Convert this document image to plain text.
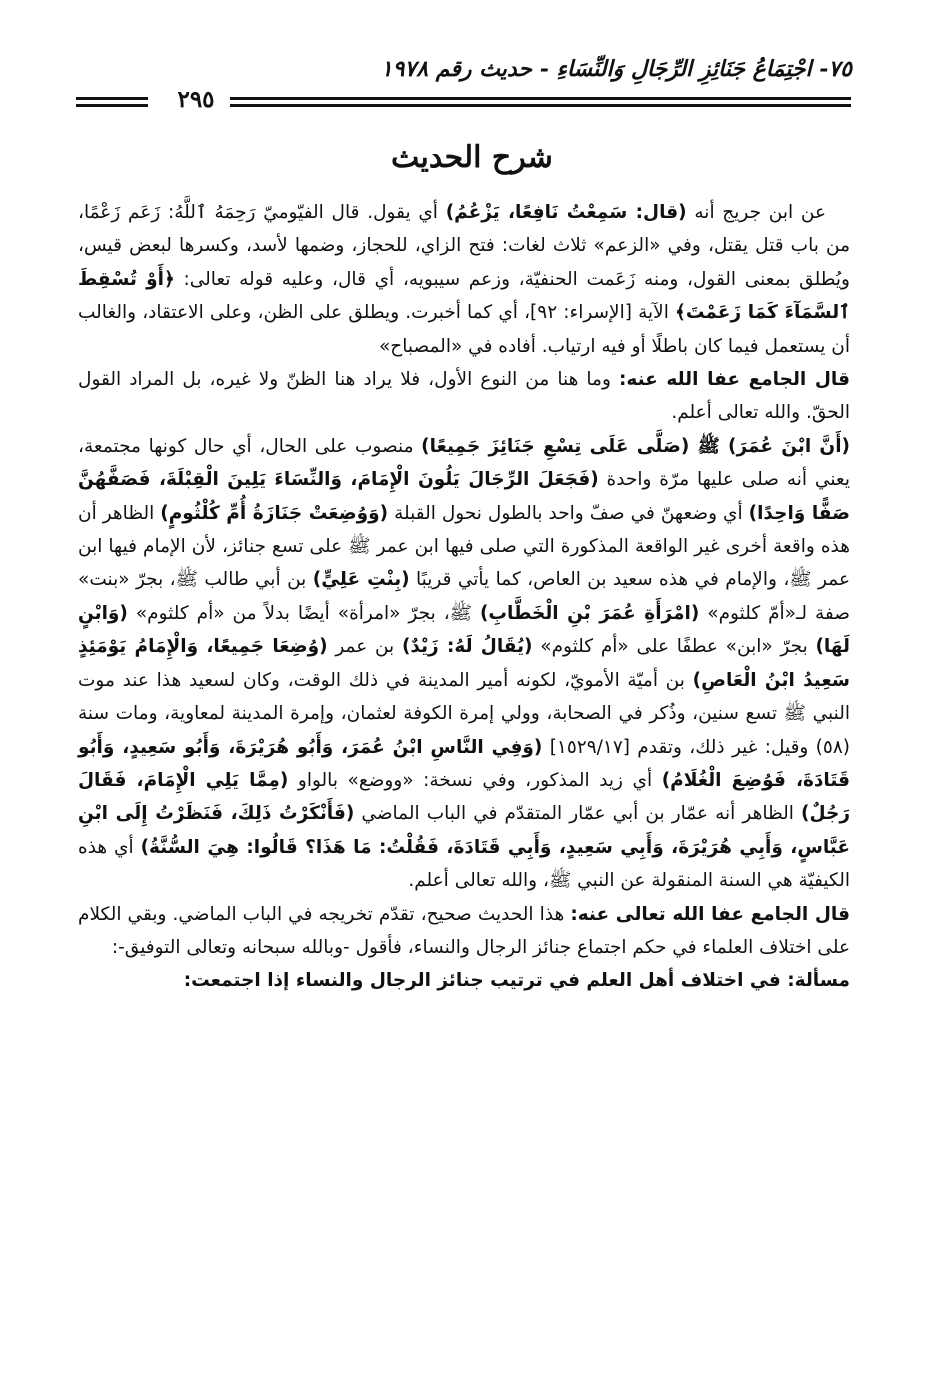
٧٥- اجْتِمَاعُ جَنَائِزِ الرِّجَالِ وَالنِّسَاءِ - حديث رقم ١٩٧٨
٢٩٥
شرح الحديث

عن ابن جريج أنه (قال: سَمِعْتُ نَافِعًا، يَزْعُمُ) أي يقول. قال الفيّوميّ رَحِمَهُ ٱللَّهُ: زَعَم زَعْمًا، من باب قتل يقتل، وفي «الزعم» ثلاث لغات: فتح الزاي، للحجاز، وضمها لأسد، وكسرها لبعض قيس، ويُطلق بمعنى القول، ومنه زَعَمت الحنفيّة، وزعم سيبويه، أي قال، وعليه قوله تعالى: ﴿أَوْ تُسْقِطَ ٱلسَّمَآءَ كَمَا زَعَمْتَ﴾ الآية [الإسراء: ٩٢]، أي كما أخبرت. ويطلق على الظن، وعلى الاعتقاد، والغالب أن يستعمل فيما كان باطلًا أو فيه ارتياب. أفاده في «المصباح»

قال الجامع عفا الله عنه: وما هنا من النوع الأول، فلا يراد هنا الظنّ ولا غيره، بل المراد القول الحقّ. والله تعالى أعلم.

(أَنَّ ابْنَ عُمَرَ) ﷺ (صَلَّى عَلَى تِسْعِ جَنَائِزَ جَمِيعًا) منصوب على الحال، أي حال كونها مجتمعة، يعني أنه صلى عليها مرّة واحدة (فَجَعَلَ الرِّجَالَ يَلُونَ الْإِمَامَ، وَالنِّسَاءَ يَلِينَ الْقِبْلَةَ، فَصَفَّهُنَّ صَفًّا وَاحِدًا) أي وضعهنّ في صفّ واحد بالطول نحول القبلة (وَوُضِعَتْ جَنَازَةُ أُمِّ كُلْثُومٍ) الظاهر أن هذه واقعة أخرى غير الواقعة المذكورة التي صلى فيها ابن عمر ﷺ على تسع جنائز، لأن الإمام فيها ابن عمر ﷺ، والإمام في هذه سعيد بن العاص، كما يأتي قريبًا (بِنْتِ عَلِيٍّ) بن أبي طالب ﷺ، بجرّ «بنت» صفة لـ«أمّ كلثوم» (امْرَأَةِ عُمَرَ بْنِ الْخَطَّابِ) ﷺ، بجرّ «امرأة» أيضًا بدلاً من «أم كلثوم» (وَابْنٍ لَهَا) بجرّ «ابن» عطفًا على «أم كلثوم» (يُقَالُ لَهُ: زَيْدٌ) بن عمر (وُضِعَا جَمِيعًا، وَالْإِمَامُ يَوْمَئِذٍ سَعِيدُ ابْنُ الْعَاصِ) بن أميّة الأمويّ، لكونه أمير المدينة في ذلك الوقت، وكان لسعيد هذا عند موت النبي ﷺ تسع سنين، وذُكر في الصحابة، وولي إمرة الكوفة لعثمان، وإمرة المدينة لمعاوية، ومات سنة (٥٨) وقيل: غير ذلك، وتقدم [١٥٢٩/١٧] (وَفِي النَّاسِ ابْنُ عُمَرَ، وَأَبُو هُرَيْرَةَ، وَأَبُو سَعِيدٍ، وَأَبُو قَتَادَةَ، فَوُضِعَ الْغُلَامُ) أي زيد المذكور، وفي نسخة: «ووضع» بالواو (مِمَّا يَلِي الْإِمَامَ، فَقَالَ رَجُلٌ) الظاهر أنه عمّار بن أبي عمّار المتقدّم في الباب الماضي (فَأَنْكَرْتُ ذَلِكَ، فَنَظَرْتُ إِلَى ابْنِ عَبَّاسٍ، وَأَبِي هُرَيْرَةَ، وَأَبِي سَعِيدٍ، وَأَبِي قَتَادَةَ، فَقُلْتُ: مَا هَذَا؟ قَالُوا: هِيَ السُّنَّةُ) أي هذه الكيفيّة هي السنة المنقولة عن النبي ﷺ، والله تعالى أعلم.

قال الجامع عفا الله تعالى عنه: هذا الحديث صحيح، تقدّم تخريجه في الباب الماضي. وبقي الكلام على اختلاف العلماء في حكم اجتماع جنائز الرجال والنساء، فأقول -وبالله سبحانه وتعالى التوفيق-:

مسألة: في اختلاف أهل العلم في ترتيب جنائز الرجال والنساء إذا اجتمعت:
